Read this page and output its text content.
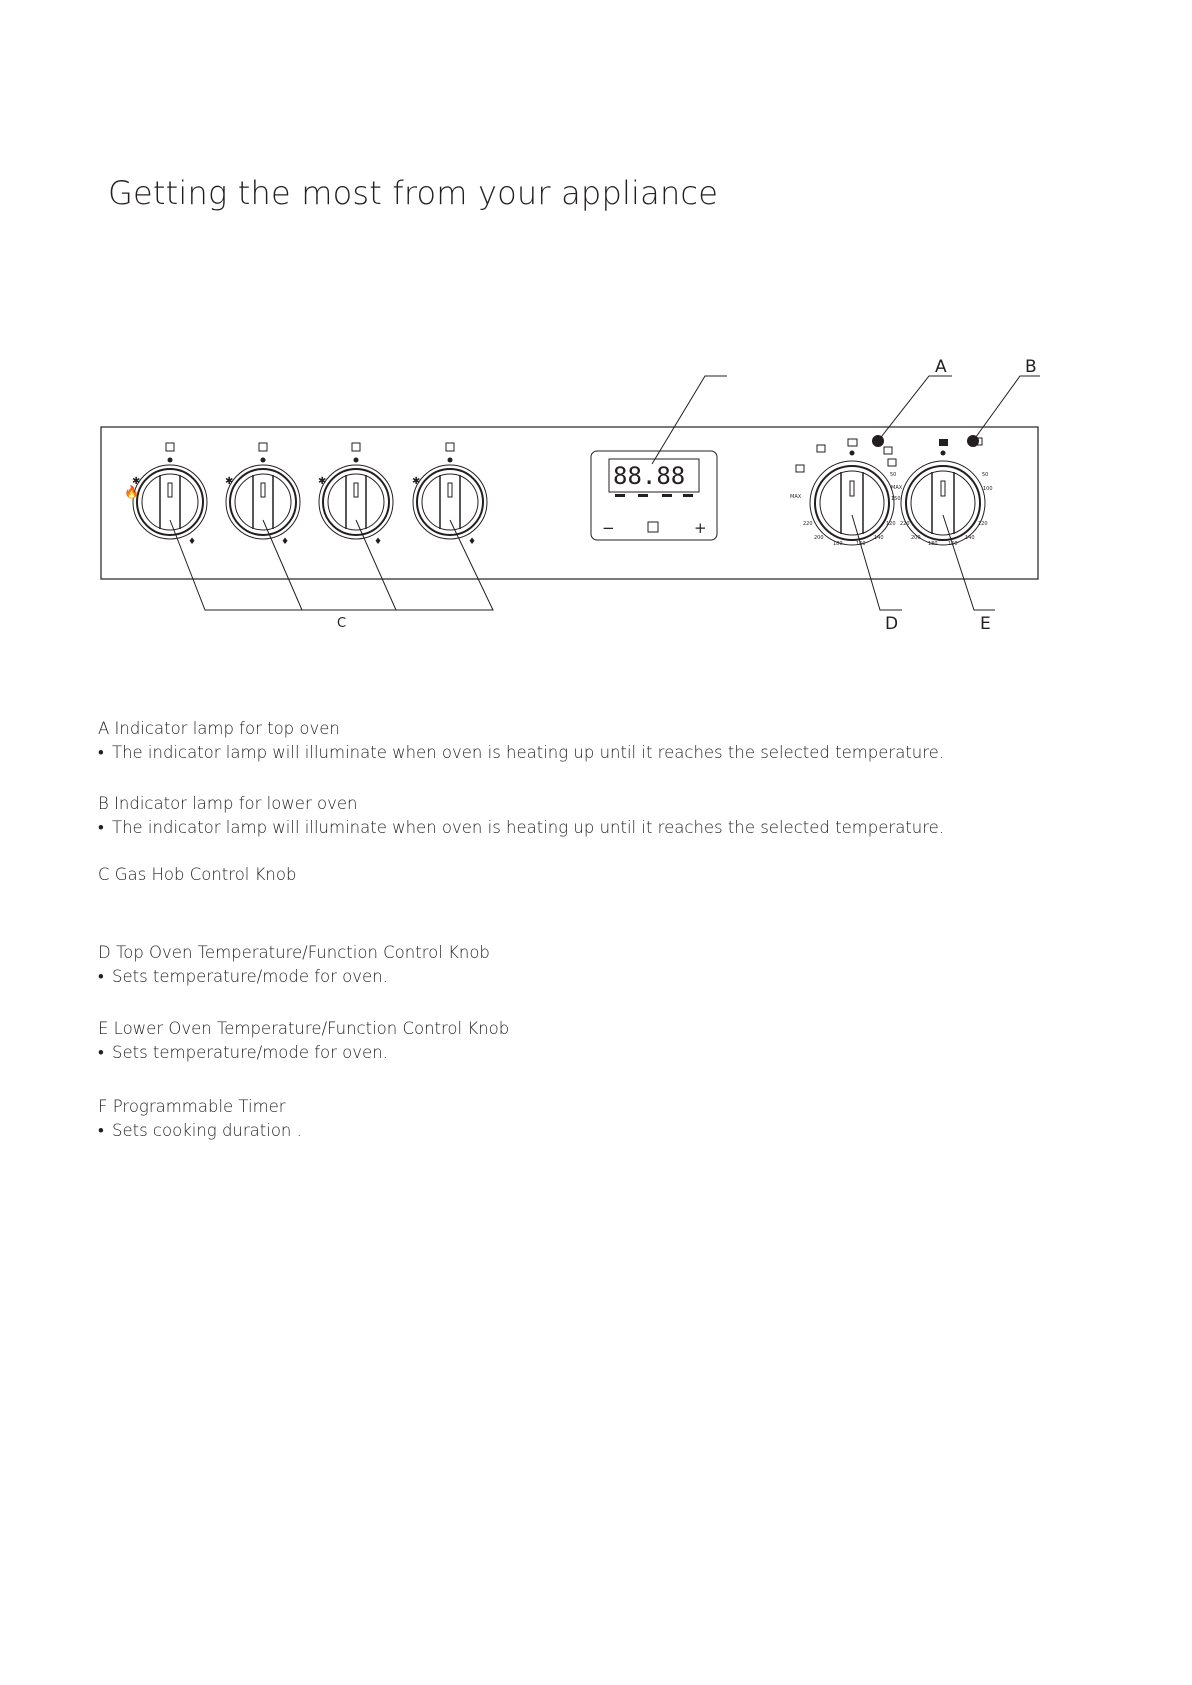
Getting the most from your appliance
✱
🔥
♦
✱
♦
✱
♦
✱
♦
88.88
−	+
50
MAX
150
120
140
160
180
200
220
MAX
50
100
120
140
160
180
200
220
A	B
C	D	E

A Indicator lamp for top oven

• The indicator lamp will illuminate when oven is heating up until it reaches the selected temperature.

B Indicator lamp for lower oven

• The indicator lamp will illuminate when oven is heating up until it reaches the selected temperature.

C Gas Hob Control Knob

D Top Oven Temperature/Function Control Knob

• Sets temperature/mode for oven.

E Lower Oven Temperature/Function Control Knob

• Sets temperature/mode for oven.

F Programmable Timer

• Sets cooking duration .
